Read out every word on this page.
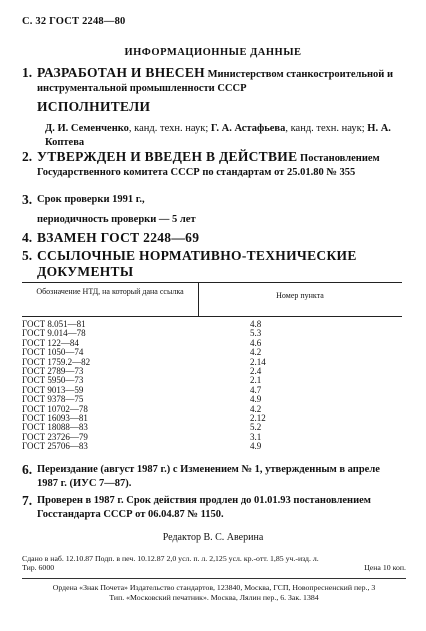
С. 32 ГОСТ 2248—80
ИНФОРМАЦИОННЫЕ ДАННЫЕ
1. РАЗРАБОТАН И ВНЕСЕН Министерством станкостроительной и инструментальной промышленности СССР
ИСПОЛНИТЕЛИ
Д. И. Семенченко, канд. техн. наук; Г. А. Астафьева, канд. техн. наук; Н. А. Коптева
2. УТВЕРЖДЕН И ВВЕДЕН В ДЕЙСТВИЕ Постановлением Государственного комитета СССР по стандартам от 25.01.80 № 355
3. Срок проверки 1991 г.,
периодичность проверки — 5 лет
4. ВЗАМЕН ГОСТ 2248—69
5. ССЫЛОЧНЫЕ НОРМАТИВНО-ТЕХНИЧЕСКИЕ ДОКУМЕНТЫ
Обозначение НТД, на который дана ссылка	Номер пункта
ГОСТ 8.051—81	4.8
ГОСТ 9.014—78	5.3
ГОСТ 122—84	4.6
ГОСТ 1050—74	4.2
ГОСТ 1759.2—82	2.14
ГОСТ 2789—73	2.4
ГОСТ 5950—73	2.1
ГОСТ 9013—59	4.7
ГОСТ 9378—75	4.9
ГОСТ 10702—78	4.2
ГОСТ 16093—81	2.12
ГОСТ 18088—83	5.2
ГОСТ 23726—79	3.1
ГОСТ 25706—83	4.9
6. Переиздание (август 1987 г.) с Изменением № 1, утвержденным в апреле 1987 г. (ИУС 7—87).
7. Проверен в 1987 г. Срок действия продлен до 01.01.93 постановлением Госстандарта СССР от 06.04.87 № 1150.
Редактор В. С. Аверина
Сдано в наб. 12.10.87 Подп. в печ. 10.12.87 2,0 усл. п. л. 2,125 усл. кр.-отт. 1,85 уч.-изд. л.
Тир. 6000	Цена 10 коп.
Ордена «Знак Почета» Издательство стандартов, 123840, Москва, ГСП, Новопресненский пер., 3
Тип. «Московский печатник». Москва, Лялин пер., 6. Зак. 1384
